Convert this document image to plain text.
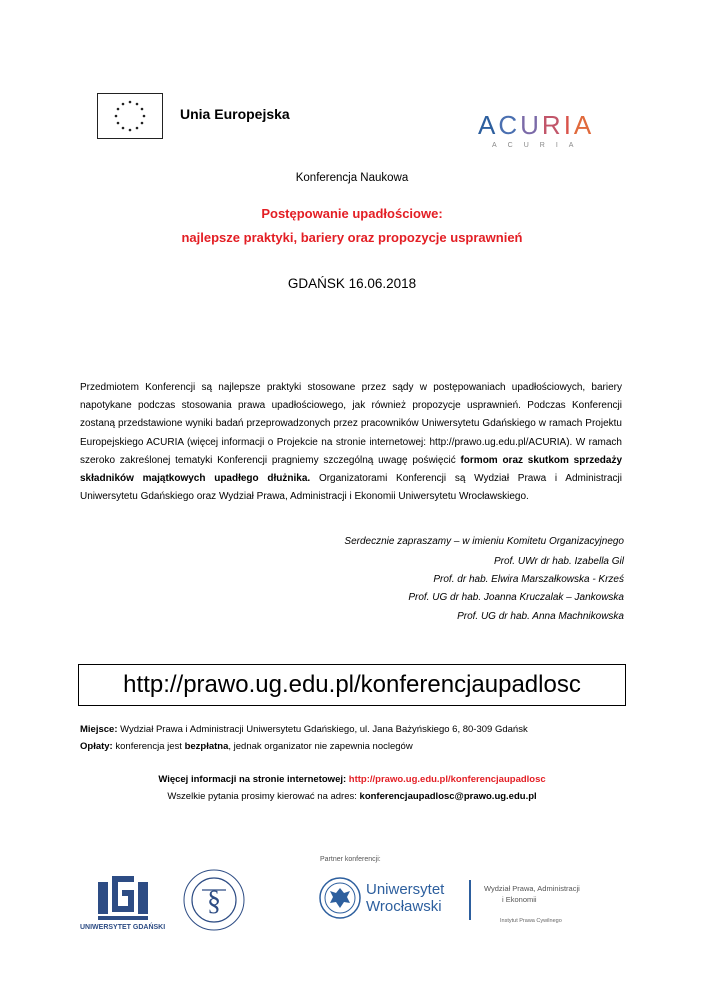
Unia Europejska	ACURIA
ACURIA
Konferencja Naukowa
Postępowanie upadłościowe:
najlepsze praktyki, bariery oraz propozycje usprawnień
GDAŃSK 16.06.2018
Przedmiotem Konferencji są najlepsze praktyki stosowane przez sądy w postępowaniach upadłościowych, bariery napotykane podczas stosowania prawa upadłościowego, jak również propozycje usprawnień. Podczas Konferencji zostaną przedstawione wyniki badań przeprowadzonych przez pracowników Uniwersytetu Gdańskiego w ramach Projektu Europejskiego ACURIA (więcej informacji o Projekcie na stronie internetowej: http://prawo.ug.edu.pl/ACURIA). W ramach szeroko zakreślonej tematyki Konferencji pragniemy szczególną uwagę poświęcić formom oraz skutkom sprzedaży składników majątkowych upadłego dłużnika. Organizatorami Konferencji są Wydział Prawa i Administracji Uniwersytetu Gdańskiego oraz Wydział Prawa, Administracji i Ekonomii Uniwersytetu Wrocławskiego.
Serdecznie zapraszamy – w imieniu Komitetu Organizacyjnego
Prof. UWr dr hab. Izabella Gil
Prof. dr hab. Elwira Marszałkowska - Krześ
Prof. UG dr hab. Joanna Kruczalak – Jankowska
Prof. UG dr hab. Anna Machnikowska
http://prawo.ug.edu.pl/konferencjaupadlosc
Miejsce: Wydział Prawa i Administracji Uniwersytetu Gdańskiego, ul. Jana Bażyńskiego 6, 80-309 Gdańsk
Opłaty: konferencja jest bezpłatna, jednak organizator nie zapewnia noclegów
Więcej informacji na stronie internetowej: http://prawo.ug.edu.pl/konferencjaupadlosc
Wszelkie pytania prosimy kierować na adres: konferencjaupadlosc@prawo.ug.edu.pl
Partner konferencji:
UNIWERSYTET GDAŃSKI
§	Uniwersytet
Wrocławski
Wydział Prawa, Administracji
i Ekonomii
Instytut Prawa Cywilnego
